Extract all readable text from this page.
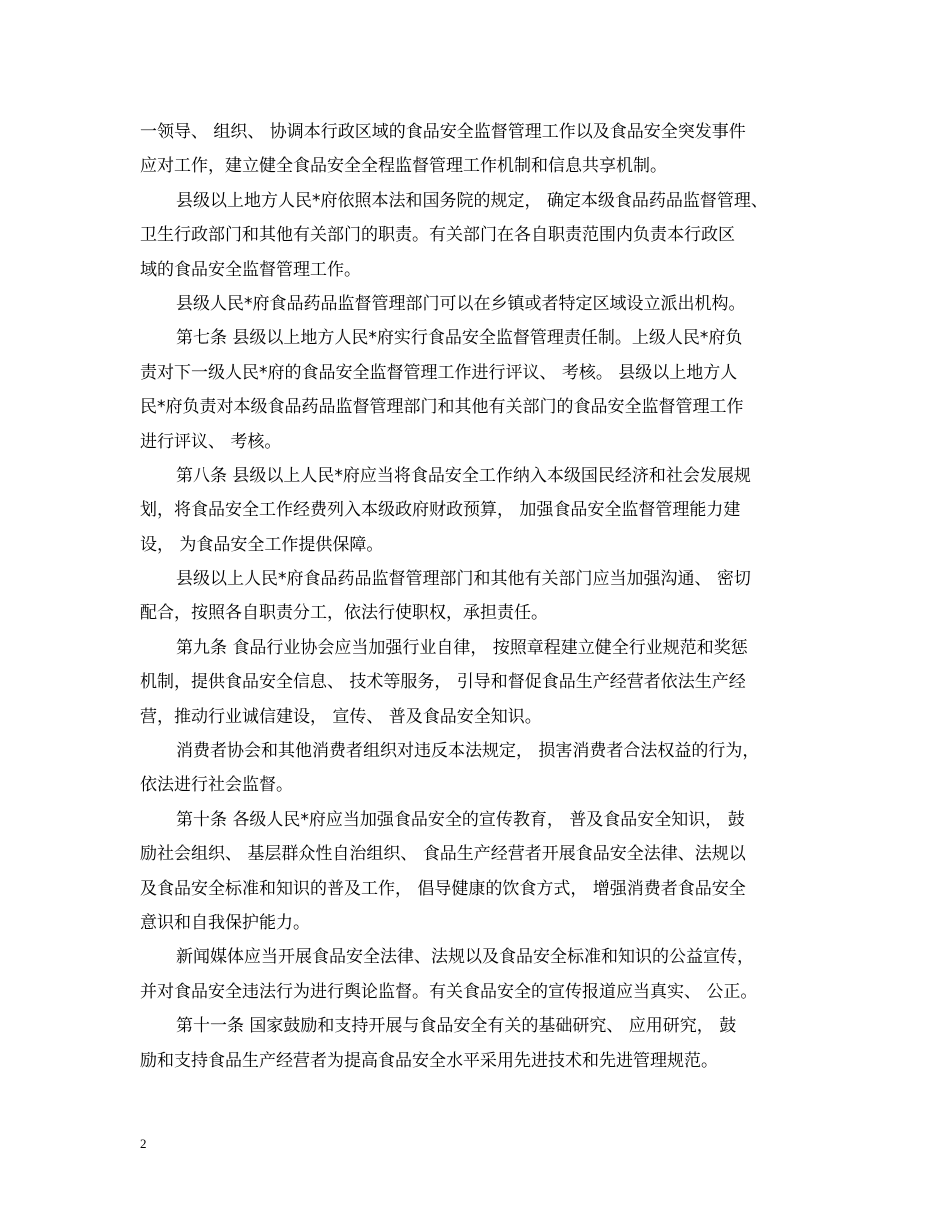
一领导、 组织、 协调本行政区域的食品安全监督管理工作以及食品安全突发事件
应对工作，建立健全食品安全全程监督管理工作机制和信息共享机制。
县级以上地方人民*府依照本法和国务院的规定， 确定本级食品药品监督管理、
卫生行政部门和其他有关部门的职责。有关部门在各自职责范围内负责本行政区
域的食品安全监督管理工作。
县级人民*府食品药品监督管理部门可以在乡镇或者特定区域设立派出机构。
第七条 县级以上地方人民*府实行食品安全监督管理责任制。上级人民*府负
责对下一级人民*府的食品安全监督管理工作进行评议、 考核。 县级以上地方人
民*府负责对本级食品药品监督管理部门和其他有关部门的食品安全监督管理工作
进行评议、 考核。
第八条 县级以上人民*府应当将食品安全工作纳入本级国民经济和社会发展规
划，将食品安全工作经费列入本级政府财政预算， 加强食品安全监督管理能力建
设， 为食品安全工作提供保障。
县级以上人民*府食品药品监督管理部门和其他有关部门应当加强沟通、 密切
配合，按照各自职责分工，依法行使职权，承担责任。
第九条 食品行业协会应当加强行业自律， 按照章程建立健全行业规范和奖惩
机制，提供食品安全信息、 技术等服务， 引导和督促食品生产经营者依法生产经
营，推动行业诚信建设， 宣传、 普及食品安全知识。
消费者协会和其他消费者组织对违反本法规定， 损害消费者合法权益的行为，
依法进行社会监督。
第十条 各级人民*府应当加强食品安全的宣传教育， 普及食品安全知识， 鼓
励社会组织、 基层群众性自治组织、 食品生产经营者开展食品安全法律、法规以
及食品安全标准和知识的普及工作， 倡导健康的饮食方式， 增强消费者食品安全
意识和自我保护能力。
新闻媒体应当开展食品安全法律、法规以及食品安全标准和知识的公益宣传，
并对食品安全违法行为进行舆论监督。有关食品安全的宣传报道应当真实、 公正。
第十一条 国家鼓励和支持开展与食品安全有关的基础研究、 应用研究， 鼓
励和支持食品生产经营者为提高食品安全水平采用先进技术和先进管理规范。
2
